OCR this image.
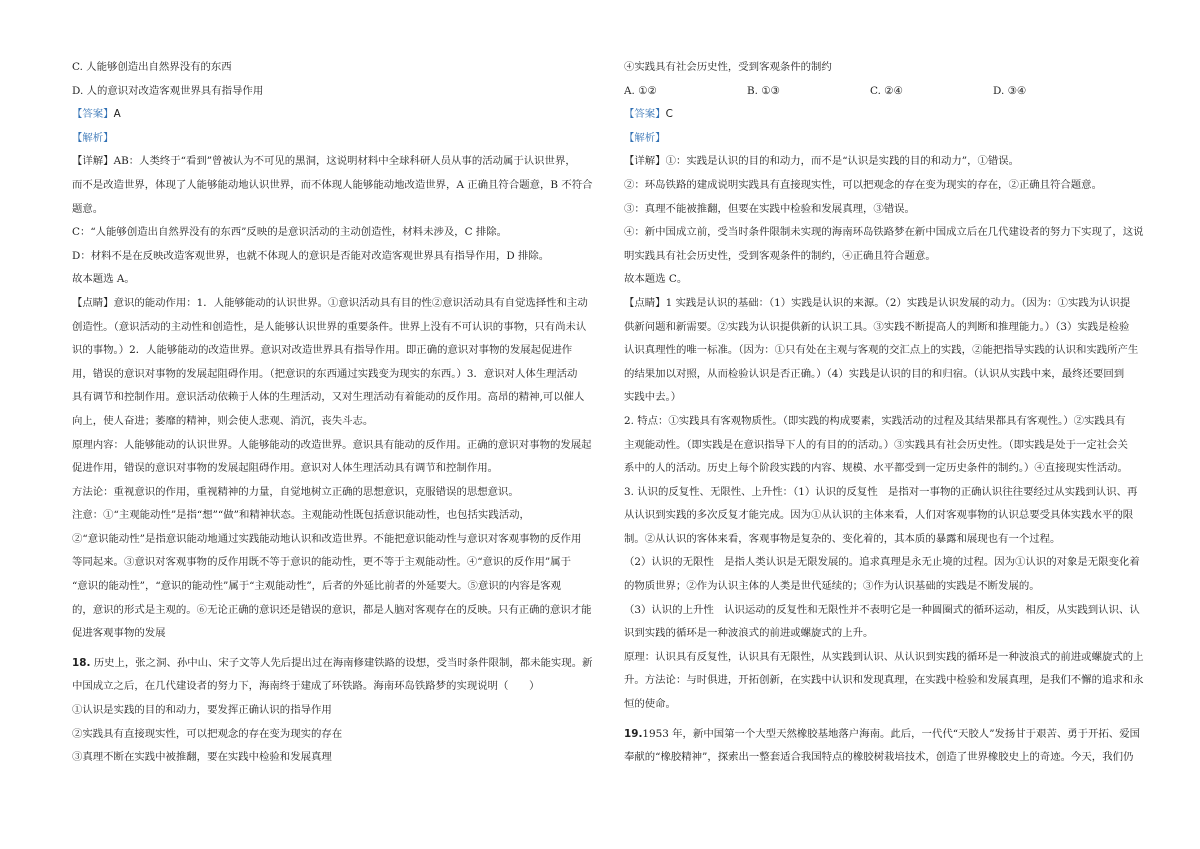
C. 人能够创造出自然界没有的东西
D. 人的意识对改造客观世界具有指导作用
【答案】A
【解析】
【详解】AB：人类终于“看到”曾被认为不可见的黑洞，这说明材料中全球科研人员从事的活动属于认识世界，
而不是改造世界，体现了人能够能动地认识世界，而不体现人能够能动地改造世界，A 正确且符合题意，B 不符合
题意。
C：“人能够创造出自然界没有的东西”反映的是意识活动的主动创造性，材料未涉及，C 排除。
D：材料不是在反映改造客观世界，也就不体现人的意识是否能对改造客观世界具有指导作用，D 排除。
故本题选 A。
【点睛】意识的能动作用：1．人能够能动的认识世界。①意识活动具有目的性②意识活动具有自觉选择性和主动
创造性。（意识活动的主动性和创造性，是人能够认识世界的重要条件。世界上没有不可认识的事物，只有尚未认
识的事物。）2．人能够能动的改造世界。意识对改造世界具有指导作用。即正确的意识对事物的发展起促进作
用，错误的意识对事物的发展起阻碍作用。（把意识的东西通过实践变为现实的东西。）3．意识对人体生理活动
具有调节和控制作用。意识活动依赖于人体的生理活动，又对生理活动有着能动的反作用。高昂的精神,可以催人
向上，使人奋进；萎靡的精神，则会使人悲观、消沉，丧失斗志。
原理内容：人能够能动的认识世界。人能够能动的改造世界。意识具有能动的反作用。正确的意识对事物的发展起
促进作用，错误的意识对事物的发展起阻碍作用。意识对人体生理活动具有调节和控制作用。
方法论：重视意识的作用，重视精神的力量，自觉地树立正确的思想意识，克服错误的思想意识。
注意：①“主观能动性”是指“想”“做”和精神状态。主观能动性既包括意识能动性，也包括实践活动，
②“意识能动性”是指意识能动地通过实践能动地认识和改造世界。不能把意识能动性与意识对客观事物的反作用
等同起来。③意识对客观事物的反作用既不等于意识的能动性，更不等于主观能动性。④“意识的反作用”属于
“意识的能动性”，“意识的能动性”属于“主观能动性”，后者的外延比前者的外延要大。⑤意识的内容是客观
的，意识的形式是主观的。⑥无论正确的意识还是错误的意识，都是人脑对客观存在的反映。只有正确的意识才能
促进客观事物的发展
18. 历史上，张之洞、孙中山、宋子文等人先后提出过在海南修建铁路的设想，受当时条件限制，都未能实现。新
中国成立之后，在几代建设者的努力下，海南终于建成了环铁路。海南环岛铁路梦的实现说明（　　）
①认识是实践的目的和动力，要发挥正确认识的指导作用
②实践具有直接现实性，可以把观念的存在变为现实的存在
③真理不断在实践中被推翻，要在实践中检验和发展真理
④实践具有社会历史性，受到客观条件的制约
A. ①②	B. ①③	C. ②④	D. ③④
【答案】C
【解析】
【详解】①：实践是认识的目的和动力，而不是“认识是实践的目的和动力”，①错误。
②：环岛铁路的建成说明实践具有直接现实性，可以把观念的存在变为现实的存在，②正确且符合题意。
③：真理不能被推翻，但要在实践中检验和发展真理，③错误。
④：新中国成立前，受当时条件限制未实现的海南环岛铁路梦在新中国成立后在几代建设者的努力下实现了，这说
明实践具有社会历史性，受到客观条件的制约，④正确且符合题意。
故本题选 C。
【点睛】1 实践是认识的基础：（1）实践是认识的来源。（2）实践是认识发展的动力。（因为：①实践为认识提
供新问题和新需要。②实践为认识提供新的认识工具。③实践不断提高人的判断和推理能力。）（3）实践是检验
认识真理性的唯一标准。（因为：①只有处在主观与客观的交汇点上的实践，②能把指导实践的认识和实践所产生
的结果加以对照，从而检验认识是否正确。）（4）实践是认识的目的和归宿。（认识从实践中来，最终还要回到
实践中去。）
2. 特点：①实践具有客观物质性。（即实践的构成要素，实践活动的过程及其结果都具有客观性。）②实践具有
主观能动性。（即实践是在意识指导下人的有目的的活动。）③实践具有社会历史性。（即实践是处于一定社会关
系中的人的活动。历史上每个阶段实践的内容、规模、水平都受到一定历史条件的制约。）④直接现实性活动。
3. 认识的反复性、无限性、上升性：（1）认识的反复性　是指对一事物的正确认识往往要经过从实践到认识、再
从认识到实践的多次反复才能完成。因为①从认识的主体来看，人们对客观事物的认识总要受具体实践水平的限
制。②从认识的客体来看，客观事物是复杂的、变化着的，其本质的暴露和展现也有一个过程。
（2）认识的无限性　是指人类认识是无限发展的。追求真理是永无止境的过程。因为①认识的对象是无限变化着
的物质世界；②作为认识主体的人类是世代延续的；③作为认识基础的实践是不断发展的。
（3）认识的上升性　认识运动的反复性和无限性并不表明它是一种圆圈式的循环运动，相反，从实践到认识、认
识到实践的循环是一种波浪式的前进或螺旋式的上升。
原理：认识具有反复性，认识具有无限性，从实践到认识、从认识到实践的循环是一种波浪式的前进或螺旋式的上
升。方法论：与时俱进，开拓创新，在实践中认识和发现真理，在实践中检验和发展真理，是我们不懈的追求和永
恒的使命。
19.1953 年，新中国第一个大型天然橡胶基地落户海南。此后，一代代“天胶人”发扬甘于艰苦、勇于开拓、爱国
奉献的“橡胶精神”，探索出一整套适合我国特点的橡胶树栽培技术，创造了世界橡胶史上的奇迹。今天，我们仍
